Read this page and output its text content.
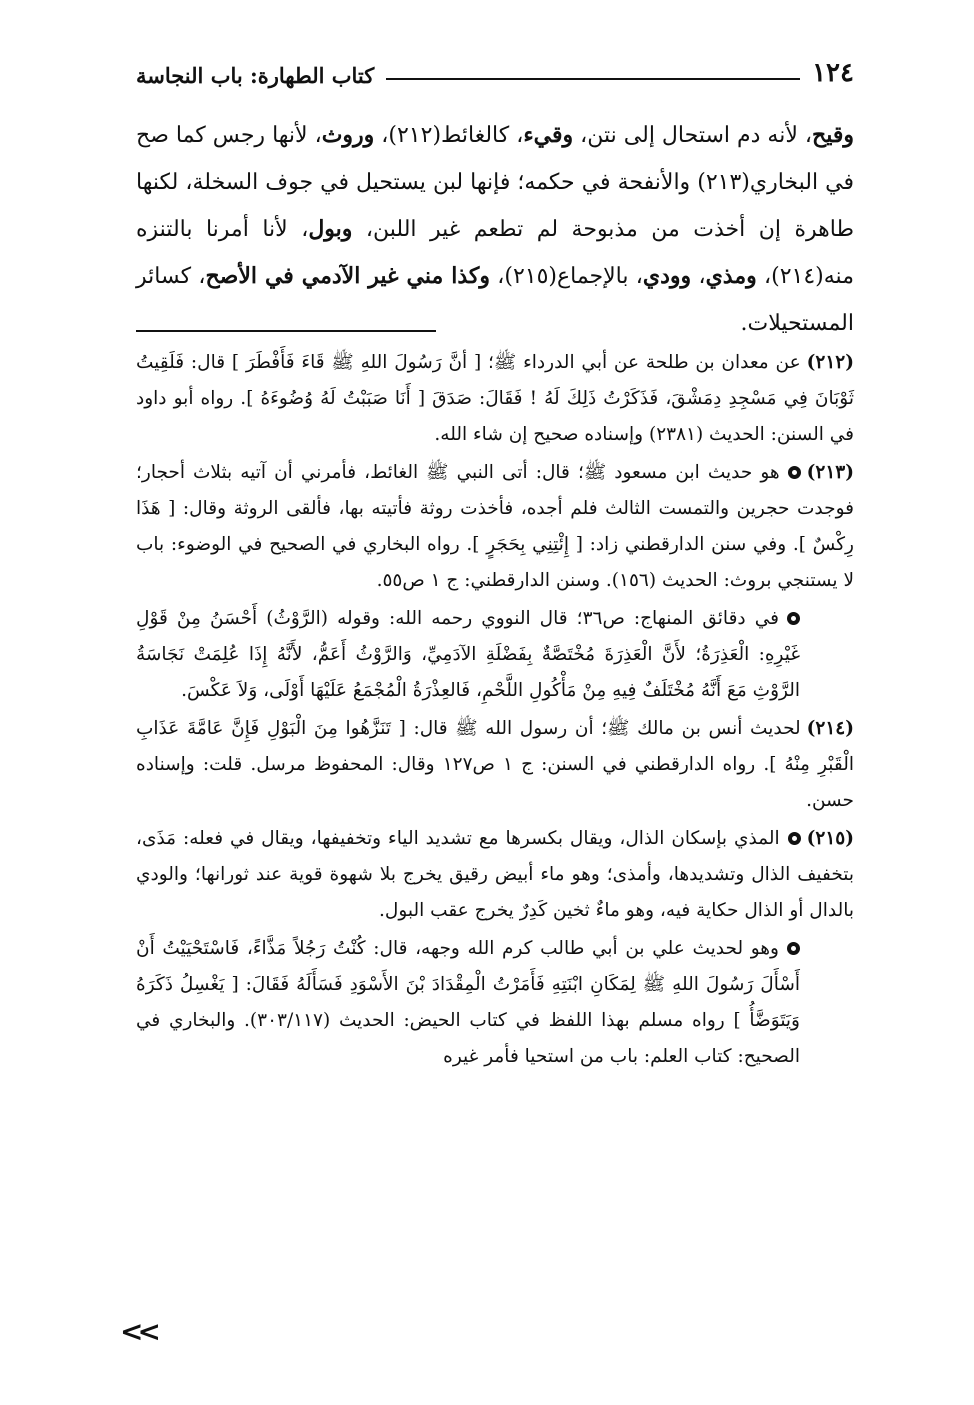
١٢٤
كتاب الطهارة: باب النجاسة

وقيح، لأنه دم استحال إلى نتن، وقيء، كالغائط(٢١٢)، وروث، لأنها رجس كما صح في البخاري(٢١٣) والأنفحة في حكمه؛ فإنها لبن يستحيل في جوف السخلة، لكنها طاهرة إن أخذت من مذبوحة لم تطعم غير اللبن، وبول، لأنا أمرنا بالتنزه منه(٢١٤)، ومذي، وودي، بالإجماع(٢١٥)، وكذا مني غير الآدمي في الأصح، كسائر المستحيلات.

(٢١٢)عن معدان بن طلحة عن أبي الدرداء ﷺ؛ [ أنَّ رَسُولَ اللهِ ﷺ قَاءَ فَأَفْطَرَ ] قال: فَلَقِيتُ ثَوْبَانَ فِي مَسْجِدِ دِمَشْقَ، فَذَكَرْتُ ذَلِكَ لَهُ ! فَقَالَ: صَدَقَ [ أَنَا صَبَبْتُ لَهُ وُضُوءَهُ ]. رواه أبو داود في السنن: الحديث (٢٣٨١) وإسناده صحيح إن شاء الله.

(٢١٣)هو حديث ابن مسعود ﷺ؛ قال: أتى النبي ﷺ الغائط، فأمرني أن آتيه بثلاث أحجار؛ فوجدت حجرين والتمست الثالث فلم أجده، فأخذت روثة فأتيته بها، فألقى الروثة وقال: [ هَذَا رِكْسٌ ]. وفي سنن الدارقطني زاد: [ إِئْتِنِي بِحَجَرٍ ]. رواه البخاري في الصحيح في الوضوء: باب لا يستنجي بروث: الحديث (١٥٦). وسنن الدارقطني: ج ١ ص٥٥.

في دقائق المنهاج: ص٣٦؛ قال النووي رحمه الله: وقوله (الرَّوْثُ) أَحْسَنُ مِنْ قَوْلِ غَيْرِهِ: الْعَذِرَةُ؛ لأَنَّ الْعَذِرَةَ مُخْتَصَّةٌ بِفَضْلَةِ الآدَمِيِّ، وَالرَّوْثُ أَعَمُّ، لأَنَّهُ إِذَا عُلِمَتْ نَجَاسَةُ الرَّوْثِ مَعَ أَنَّهُ مُخْتَلَفٌ فِيهِ مِنْ مَأْكُولِ اللَّحْمِ، فَالعِذْرَةُ الْمُجْمَعُ عَلَيْهَا أَوْلَى، وَلاَ عَكْسَ.

(٢١٤)لحديث أنس بن مالك ﷺ؛ أن رسول الله ﷺ قال: [ تَنَزَّهُوا مِنَ الْبَوْلِ فَإِنَّ عَامَّةَ عَذَابِ الْقَبْرِ مِنْهُ ]. رواه الدارقطني في السنن: ج ١ ص١٢٧ وقال: المحفوظ مرسل. قلت: وإسناده حسن.

(٢١٥)المذي بإسكان الذال، ويقال بكسرها مع تشديد الياء وتخفيفها، ويقال في فعله: مَذَى، بتخفيف الذال وتشديدها، وأمذى؛ وهو ماء أبيض رقيق يخرج بلا شهوة قوية عند ثورانها؛ والودي بالدال أو الذال حكاية فيه، وهو ماءٌ ثخين كَدِرٌ يخرج عقب البول.

وهو لحديث علي بن أبي طالب كرم الله وجهه، قال: كُنْتُ رَجُلاً مَذَّاءً، فَاسْتَحْيَيْتُ أَنْ أَسْأَلَ رَسُولَ اللهِ ﷺ لِمَكَانِ ابْنَتِهِ فَأَمَرْتُ الْمِقْدَادَ بْنَ الأَسْوَدِ فَسَأَلَهُ فَقَالَ: [ يَغْسِلُ ذَكَرَهُ وَيَتَوَضَّأُ ] رواه مسلم بهذا اللفظ في كتاب الحيض: الحديث (٣٠٣/١١٧). والبخاري في الصحيح: كتاب العلم: باب من استحيا فأمر غيره

<<
